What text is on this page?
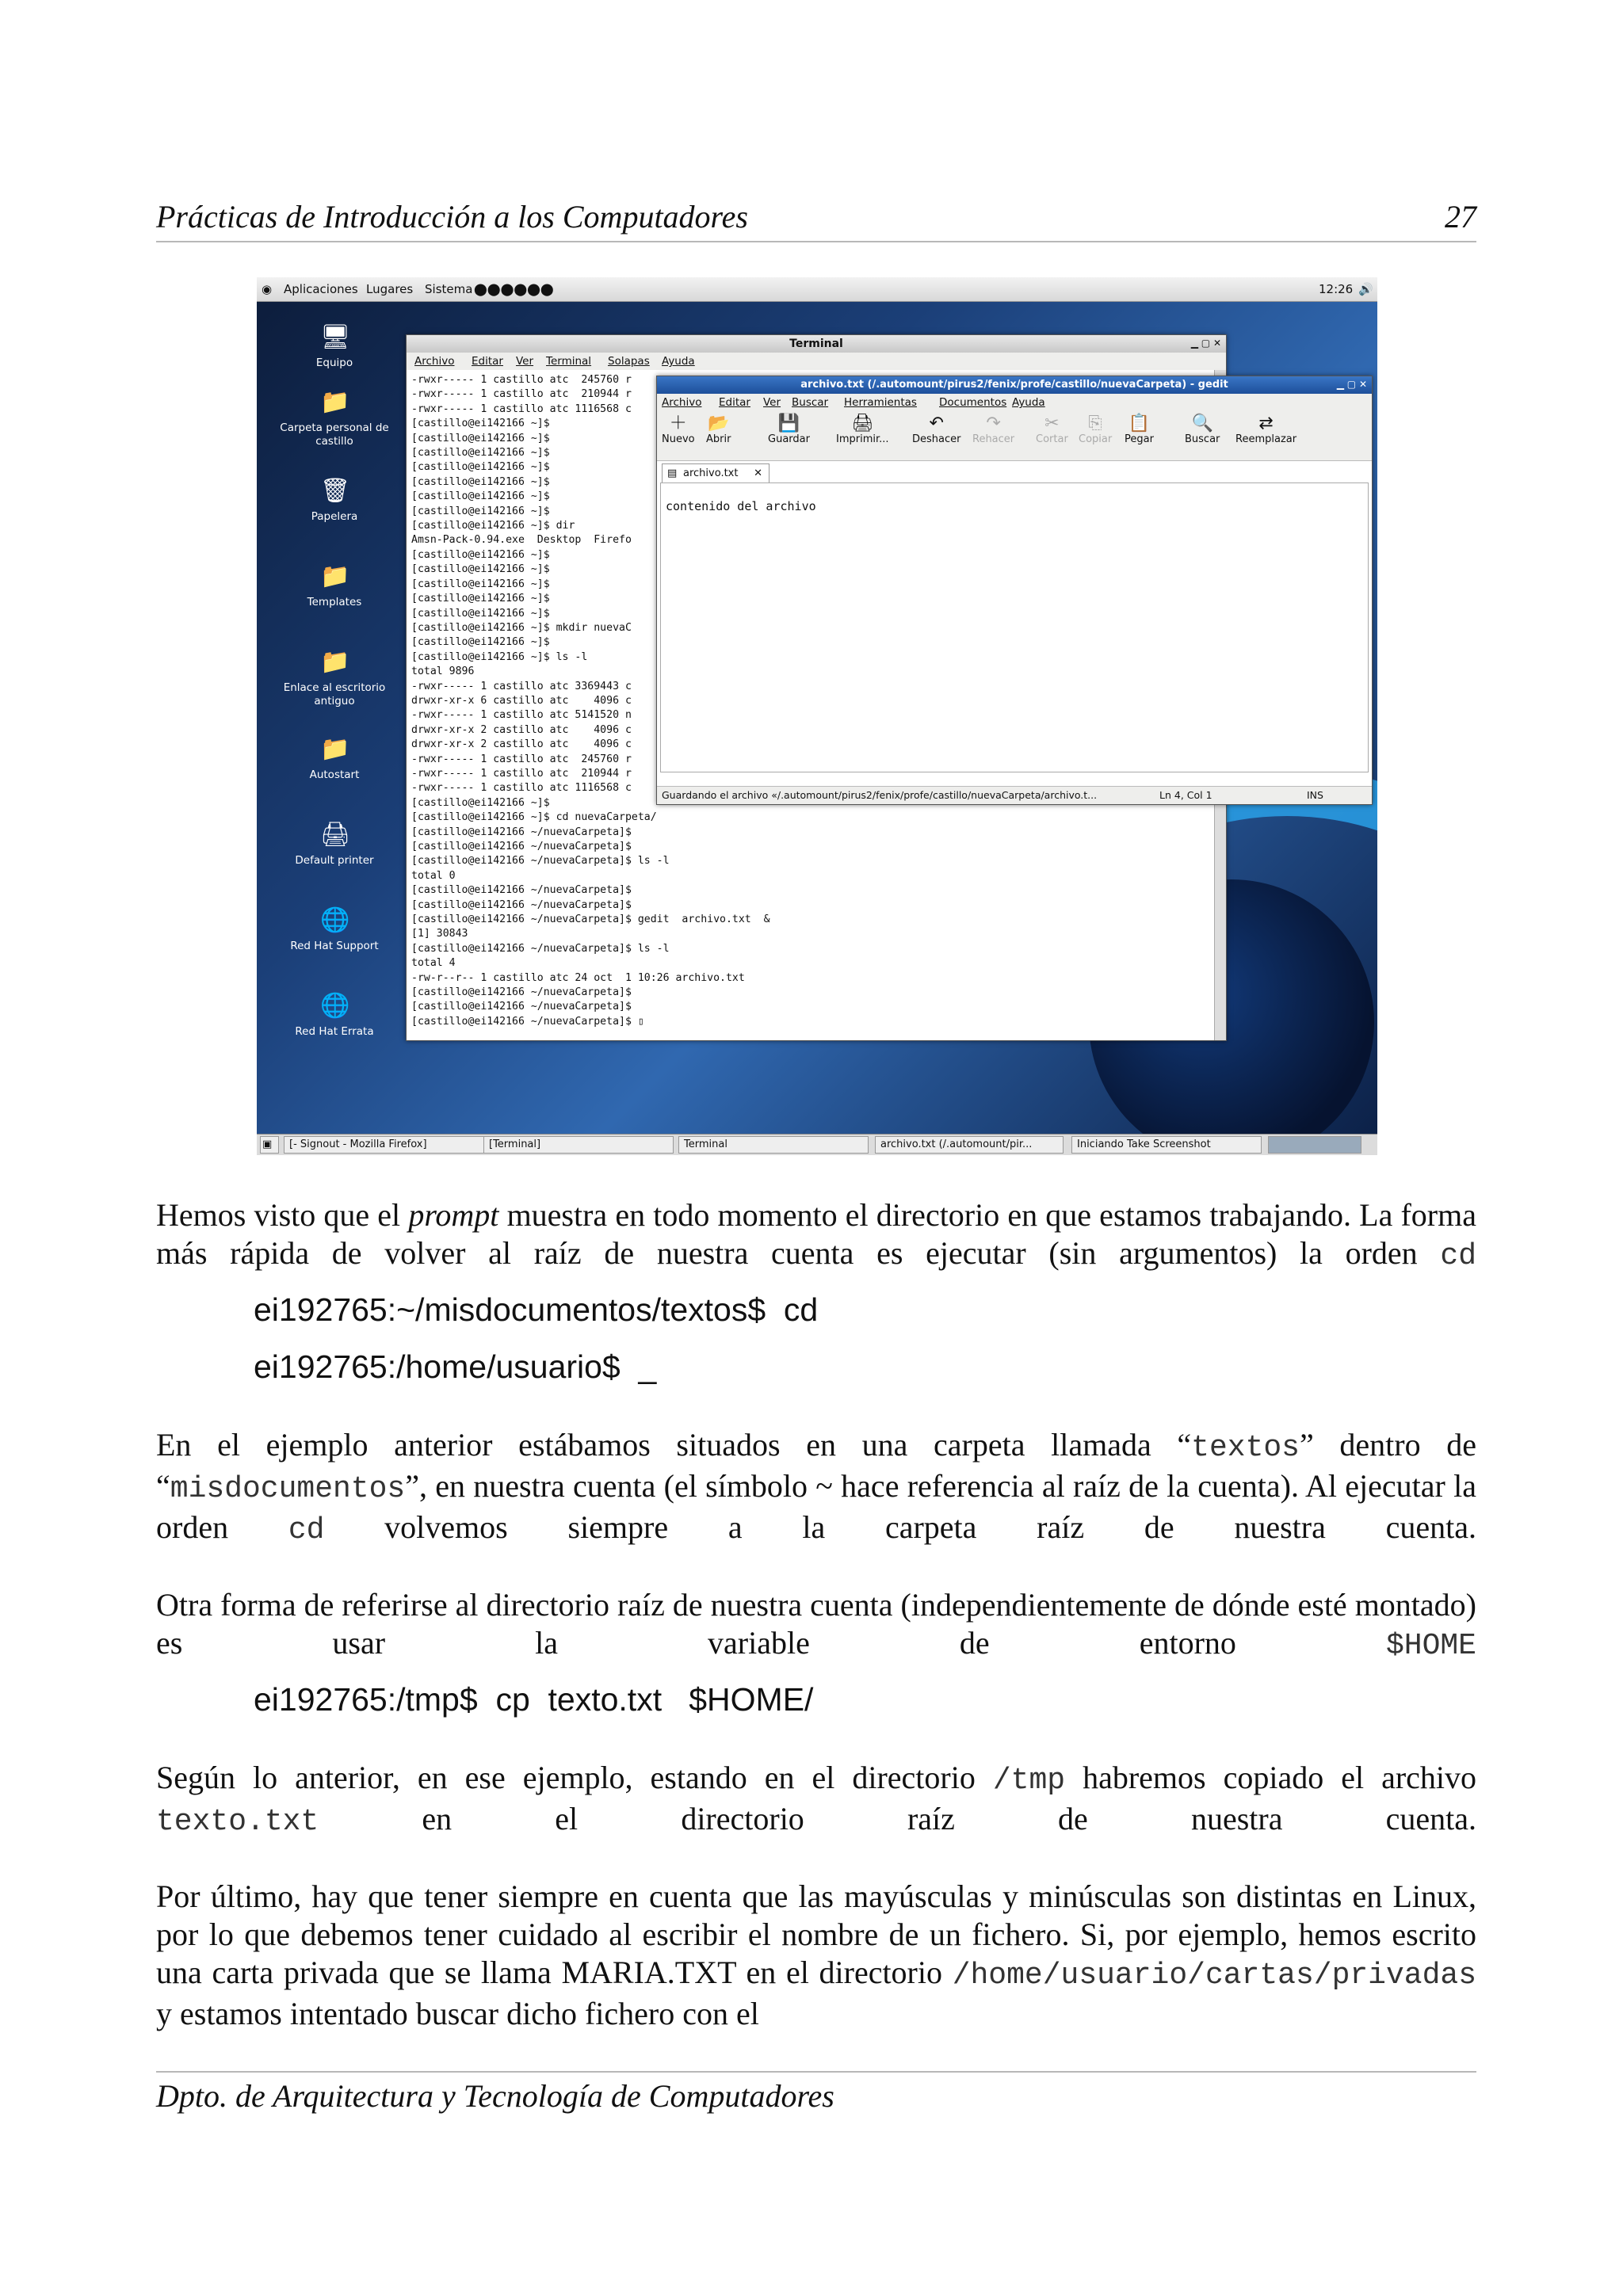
Prácticas de Introducción a los Computadores	27
◉ Aplicaciones Lugares Sistema ⬤⬤⬤⬤⬤⬤	12:26 🔊
🖥
Equipo
📁
Carpeta personal de castillo
🗑
Papelera
📁
Templates
📁
Enlace al escritorio antiguo
📁
Autostart
🖨
Default printer
🌐
Red Hat Support
🌐
Red Hat Errata
Terminal	▁ ▢ ✕
Archivo Editar Ver Terminal Solapas Ayuda
-rwxr----- 1 castillo atc  245760 r
-rwxr----- 1 castillo atc  210944 r
-rwxr----- 1 castillo atc 1116568 c
[castillo@ei142166 ~]$
[castillo@ei142166 ~]$
[castillo@ei142166 ~]$
[castillo@ei142166 ~]$
[castillo@ei142166 ~]$
[castillo@ei142166 ~]$
[castillo@ei142166 ~]$
[castillo@ei142166 ~]$ dir
Amsn-Pack-0.94.exe  Desktop  Firefo
[castillo@ei142166 ~]$
[castillo@ei142166 ~]$
[castillo@ei142166 ~]$
[castillo@ei142166 ~]$
[castillo@ei142166 ~]$
[castillo@ei142166 ~]$ mkdir nuevaC
[castillo@ei142166 ~]$
[castillo@ei142166 ~]$ ls -l
total 9896
-rwxr----- 1 castillo atc 3369443 c
drwxr-xr-x 6 castillo atc    4096 c
-rwxr----- 1 castillo atc 5141520 n
drwxr-xr-x 2 castillo atc    4096 c
drwxr-xr-x 2 castillo atc    4096 c
-rwxr----- 1 castillo atc  245760 r
-rwxr----- 1 castillo atc  210944 r
-rwxr----- 1 castillo atc 1116568 c
[castillo@ei142166 ~]$
[castillo@ei142166 ~]$ cd nuevaCarpeta/
[castillo@ei142166 ~/nuevaCarpeta]$
[castillo@ei142166 ~/nuevaCarpeta]$
[castillo@ei142166 ~/nuevaCarpeta]$ ls -l
total 0
[castillo@ei142166 ~/nuevaCarpeta]$
[castillo@ei142166 ~/nuevaCarpeta]$
[castillo@ei142166 ~/nuevaCarpeta]$ gedit  archivo.txt  &
[1] 30843
[castillo@ei142166 ~/nuevaCarpeta]$ ls -l
total 4
-rw-r--r-- 1 castillo atc 24 oct  1 10:26 archivo.txt
[castillo@ei142166 ~/nuevaCarpeta]$
[castillo@ei142166 ~/nuevaCarpeta]$
[castillo@ei142166 ~/nuevaCarpeta]$ ▯
archivo.txt (/.automount/pirus2/fenix/profe/castillo/nuevaCarpeta) - gedit	▁ ▢ ✕
Archivo Editar Ver Buscar Herramientas Documentos Ayuda
＋
Nuevo
📂
Abrir
💾
Guardar
🖨
Imprimir...
↶
Deshacer
↷
Rehacer
✂
Cortar
⎘
Copiar
📋
Pegar
🔍
Buscar
⇄
Reemplazar
▤ archivo.txt ✕
contenido del archivo
Guardando el archivo «/.automount/pirus2/fenix/profe/castillo/nuevaCarpeta/archivo.t...	Ln 4, Col 1	INS
▣	[- Signout - Mozilla Firefox]	[Terminal]	Terminal	archivo.txt (/.automount/pir...	Iniciando Take Screenshot
Hemos visto que el prompt muestra en todo momento el directorio en que estamos trabajando. La forma más rápida de volver al raíz de nuestra cuenta es ejecutar (sin argumentos) la orden cd
ei192765:~/misdocumentos/textos$  cd
ei192765:/home/usuario$  _
En el ejemplo anterior estábamos situados en una carpeta llamada “textos” dentro de “misdocumentos”, en nuestra cuenta (el símbolo ~ hace referencia al raíz de la cuenta). Al ejecutar la orden cd volvemos siempre a la carpeta raíz de nuestra cuenta.
Otra forma de referirse al directorio raíz de nuestra cuenta (independientemente de dónde esté montado) es usar la variable de entorno $HOME
ei192765:/tmp$  cp  texto.txt   $HOME/
Según lo anterior, en ese ejemplo, estando en el directorio /tmp habremos copiado el archivo texto.txt en el directorio raíz de nuestra cuenta.
Por último, hay que tener siempre en cuenta que las mayúsculas y minúsculas son distintas en Linux, por lo que debemos tener cuidado al escribir el nombre de un fichero. Si, por ejemplo, hemos escrito una carta privada que se llama MARIA.TXT en el directorio /home/usuario/cartas/privadas y estamos intentado buscar dicho fichero con el
Dpto. de Arquitectura y Tecnología de Computadores
